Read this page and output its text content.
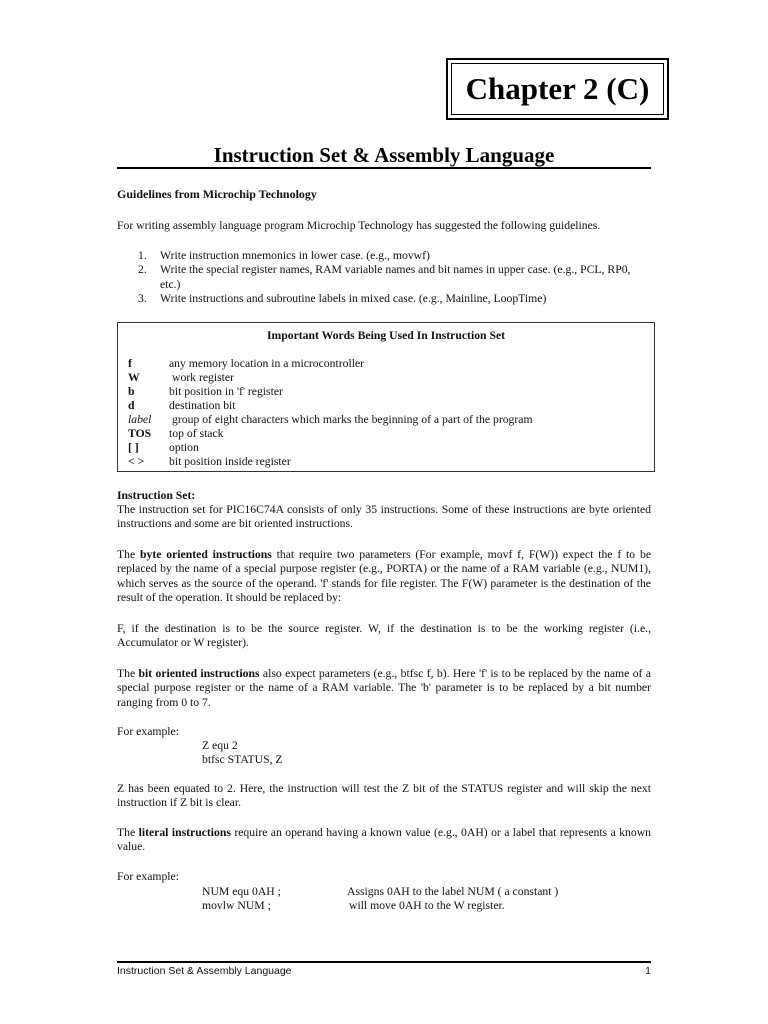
Chapter 2 (C)
Instruction Set & Assembly Language
Guidelines from Microchip Technology
For writing assembly language program Microchip Technology has suggested the following guidelines.
1.	Write instruction mnemonics in lower case. (e.g., movwf)
2.	Write the special register names, RAM variable names and bit names in upper case. (e.g., PCL, RP0, etc.)
3.	Write instructions and subroutine labels in mixed case. (e.g., Mainline, LoopTime)
Important Words Being Used In Instruction Set
f	any memory location in a microcontroller
W	work register
b	bit position in 'f' register
d	destination bit
label	group of eight characters which marks the beginning of a part of the program
TOS	top of stack
[ ]	option
< >	bit position inside register
Instruction Set:
The instruction set for PIC16C74A consists of only 35 instructions. Some of these instructions are byte oriented instructions and some are bit oriented instructions.
The byte oriented instructions that require two parameters (For example, movf f, F(W)) expect the f to be replaced by the name of a special purpose register (e.g., PORTA) or the name of a RAM variable (e.g., NUM1), which serves as the source of the operand. 'f' stands for file register. The F(W) parameter is the destination of the result of the operation. It should be replaced by:
F, if the destination is to be the source register. W, if the destination is to be the working register (i.e., Accumulator or W register).
The bit oriented instructions also expect parameters (e.g., btfsc f, b). Here 'f' is to be replaced by the name of a special purpose register or the name of a RAM variable. The 'b' parameter is to be replaced by a bit number ranging from 0 to 7.
For example:
Z equ 2
btfsc STATUS, Z
Z has been equated to 2. Here, the instruction will test the Z bit of the STATUS register and will skip the next instruction if Z bit is clear.
The literal instructions require an operand having a known value (e.g., 0AH) or a label that represents a known value.
For example:
NUM equ 0AH ;	Assigns 0AH to the label NUM ( a constant )
movlw NUM ;	will move 0AH to the W register.
Instruction Set & Assembly Language	1
